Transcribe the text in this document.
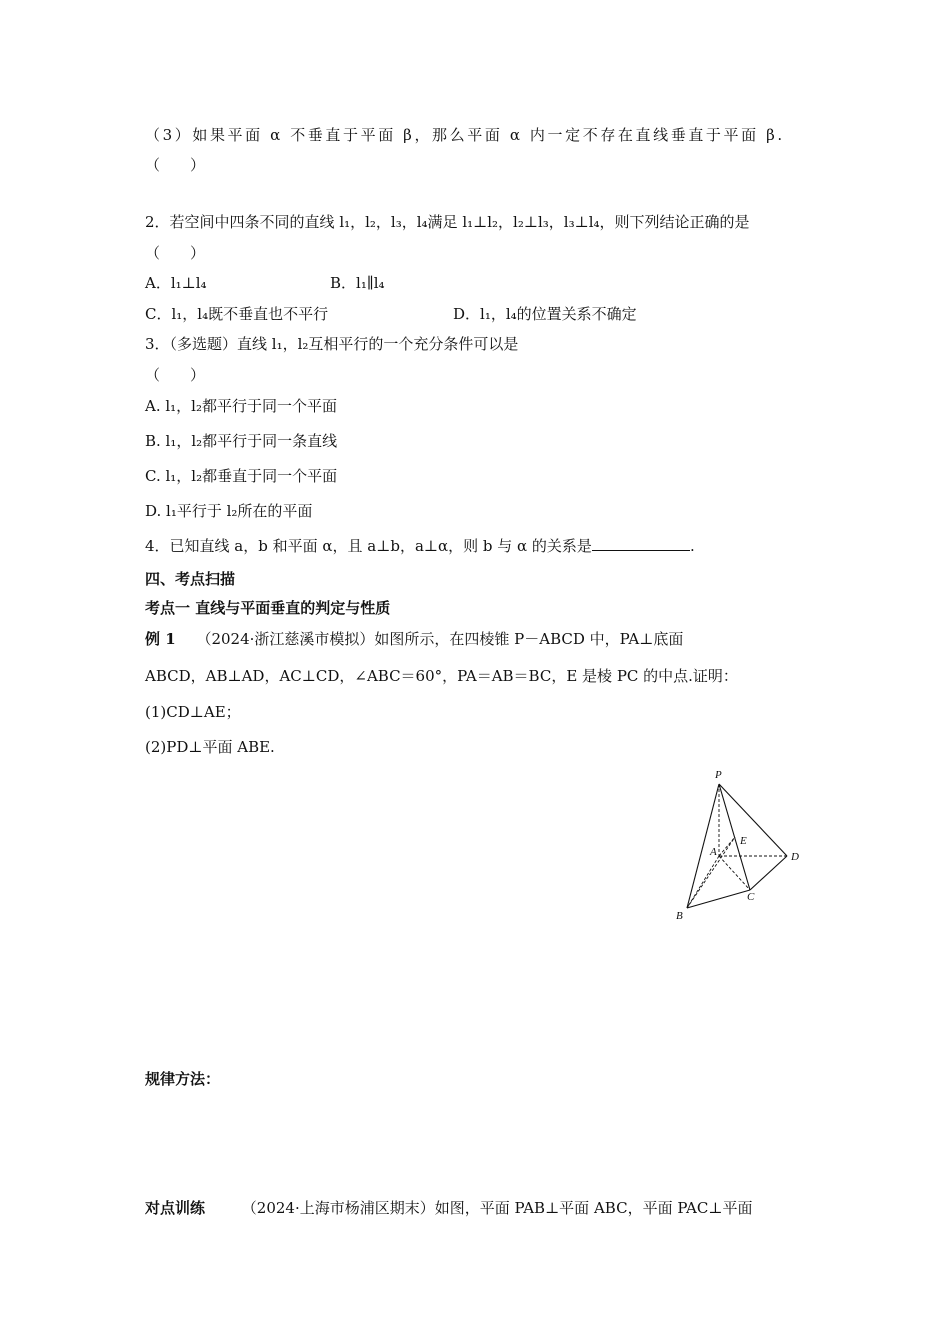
（3）如果平面 α 不垂直于平面 β，那么平面 α 内一定不存在直线垂直于平面 β.
（　　）
2．若空间中四条不同的直线 l₁，l₂，l₃，l₄满足 l₁⊥l₂，l₂⊥l₃，l₃⊥l₄，则下列结论正确的是
（　　）
A．l₁⊥l₄	B．l₁∥l₄
C．l₁，l₄既不垂直也不平行	D．l₁，l₄的位置关系不确定
3．（多选题）直线 l₁，l₂互相平行的一个充分条件可以是
（　　）
A. l₁，l₂都平行于同一个平面
B. l₁，l₂都平行于同一条直线
C. l₁，l₂都垂直于同一个平面
D. l₁平行于 l₂所在的平面
4．已知直线 a，b 和平面 α，且 a⊥b，a⊥α，则 b 与 α 的关系是	.
四、考点扫描
考点一 直线与平面垂直的判定与性质
例 1 （2024·浙江慈溪市模拟）如图所示，在四棱锥 P－ABCD 中，PA⊥底面
ABCD，AB⊥AD，AC⊥CD，∠ABC＝60°，PA＝AB＝BC，E 是棱 PC 的中点.证明：
(1)CD⊥AE；
(2)PD⊥平面 ABE.
P
A
E
D
C
B
规律方法：
对点训练 （2024·上海市杨浦区期末）如图，平面 PAB⊥平面 ABC，平面 PAC⊥平面
